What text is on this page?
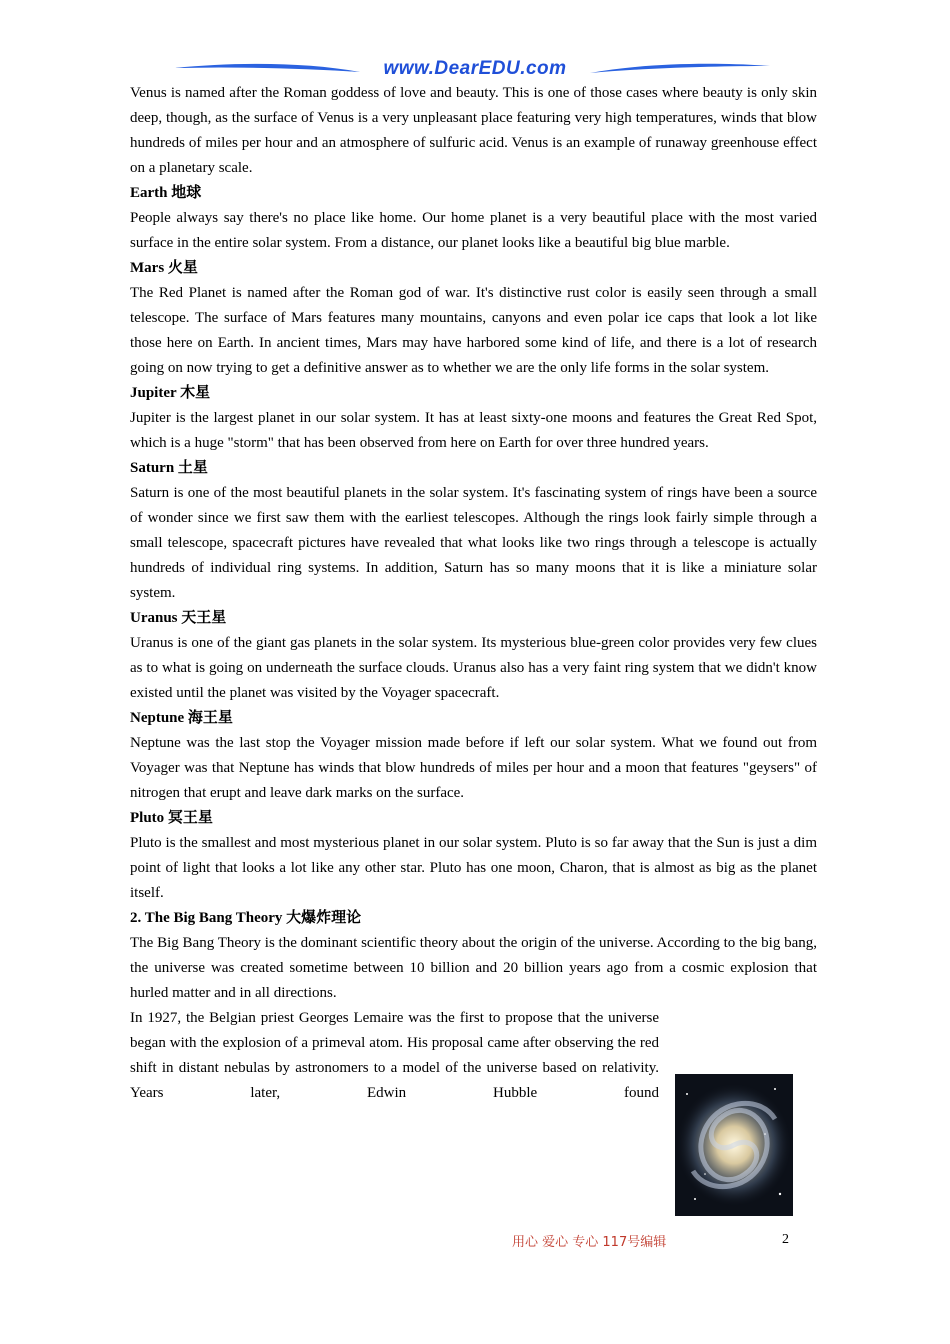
www.DearEDU.com

Venus is named after the Roman goddess of love and beauty. This is one of those cases where beauty is only skin deep, though, as the surface of Venus is a very unpleasant place featuring very high temperatures, winds that blow hundreds of miles per hour and an atmosphere of sulfuric acid. Venus is an example of runaway greenhouse effect on a planetary scale.

Earth 地球

People always say there's no place like home. Our home planet is a very beautiful place with the most varied surface in the entire solar system. From a distance, our planet looks like a beautiful big blue marble.

Mars 火星

The Red Planet is named after the Roman god of war. It's distinctive rust color is easily seen through a small telescope. The surface of Mars features many mountains, canyons and even polar ice caps that look a lot like those here on Earth. In ancient times, Mars may have harbored some kind of life, and there is a lot of research going on now trying to get a definitive answer as to whether we are the only life forms in the solar system.

Jupiter 木星

Jupiter is the largest planet in our solar system. It has at least sixty-one moons and features the Great Red Spot, which is a huge "storm" that has been observed from here on Earth for over three hundred years.

Saturn 土星

Saturn is one of the most beautiful planets in the solar system. It's fascinating system of rings have been a source of wonder since we first saw them with the earliest telescopes. Although the rings look fairly simple through a small telescope, spacecraft pictures have revealed that what looks like two rings through a telescope is actually hundreds of individual ring systems. In addition, Saturn has so many moons that it is like a miniature solar system.

Uranus 天王星

Uranus is one of the giant gas planets in the solar system. Its mysterious blue-green color provides very few clues as to what is going on underneath the surface clouds. Uranus also has a very faint ring system that we didn't know existed until the planet was visited by the Voyager spacecraft.

Neptune 海王星

Neptune was the last stop the Voyager mission made before if left our solar system. What we found out from Voyager was that Neptune has winds that blow hundreds of miles per hour and a moon that features "geysers" of nitrogen that erupt and leave dark marks on the surface.

Pluto 冥王星

Pluto is the smallest and most mysterious planet in our solar system. Pluto is so far away that the Sun is just a dim point of light that looks a lot like any other star. Pluto has one moon, Charon, that is almost as big as the planet itself.

2. The Big Bang Theory 大爆炸理论

The Big Bang Theory is the dominant scientific theory about the origin of the universe. According to the big bang, the universe was created sometime between 10 billion and 20 billion years ago from a cosmic explosion that hurled matter and in all directions.

In 1927, the Belgian priest Georges Lemaire was the first to propose that the universe began with the explosion of a primeval atom. His proposal came after observing the red shift in distant nebulas by astronomers to a model of the universe based on relativity. Years later, Edwin Hubble found

用心 爱心 专心 117号编辑	2
